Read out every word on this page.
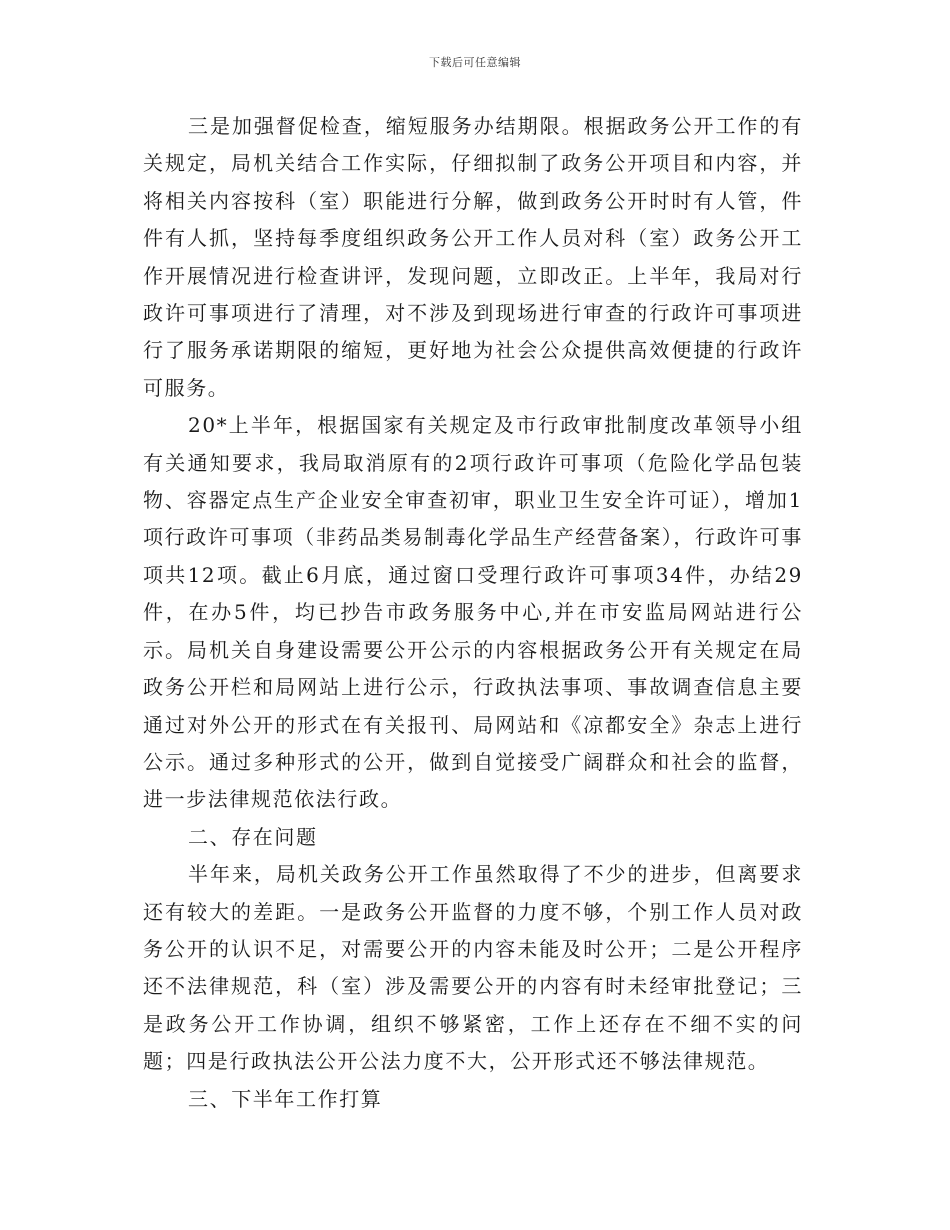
下载后可任意编辑

三是加强督促检查，缩短服务办结期限。根据政务公开工作的有关规定，局机关结合工作实际，仔细拟制了政务公开项目和内容，并将相关内容按科（室）职能进行分解，做到政务公开时时有人管，件件有人抓，坚持每季度组织政务公开工作人员对科（室）政务公开工作开展情况进行检查讲评，发现问题，立即改正。上半年，我局对行政许可事项进行了清理，对不涉及到现场进行审查的行政许可事项进行了服务承诺期限的缩短，更好地为社会公众提供高效便捷的行政许可服务。

20*上半年，根据国家有关规定及市行政审批制度改革领导小组有关通知要求，我局取消原有的2项行政许可事项（危险化学品包装物、容器定点生产企业安全审查初审，职业卫生安全许可证），增加1项行政许可事项（非药品类易制毒化学品生产经营备案），行政许可事项共12项。截止6月底，通过窗口受理行政许可事项34件，办结29件，在办5件，均已抄告市政务服务中心,并在市安监局网站进行公示。局机关自身建设需要公开公示的内容根据政务公开有关规定在局政务公开栏和局网站上进行公示，行政执法事项、事故调查信息主要通过对外公开的形式在有关报刊、局网站和《凉都安全》杂志上进行公示。通过多种形式的公开，做到自觉接受广阔群众和社会的监督，进一步法律规范依法行政。

二、存在问题

半年来，局机关政务公开工作虽然取得了不少的进步，但离要求还有较大的差距。一是政务公开监督的力度不够，个别工作人员对政务公开的认识不足，对需要公开的内容未能及时公开；二是公开程序还不法律规范，科（室）涉及需要公开的内容有时未经审批登记；三是政务公开工作协调，组织不够紧密，工作上还存在不细不实的问题；四是行政执法公开公法力度不大，公开形式还不够法律规范。

三、下半年工作打算
